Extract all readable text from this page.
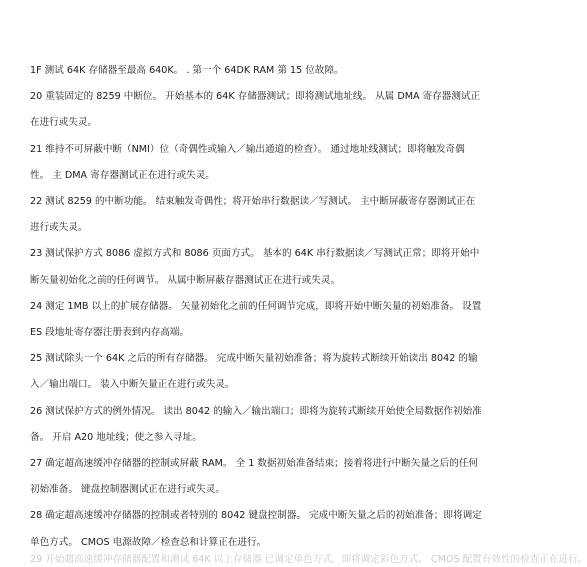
1F 测试 64K 存储器至最高 640K。 . 第一个 64DK RAM 第 15 位故障。

20 重装固定的 8259 中断位。 开始基本的 64K 存储器测试；即将测试地址线。 从属 DMA 寄存器测试正在进行或失灵。

21 维持不可屏蔽中断（NMI）位（奇偶性或输入／输出通道的检查）。 通过地址线测试；即将触发奇偶性。 主 DMA 寄存器测试正在进行或失灵。

22 测试 8259 的中断功能。 结束触发奇偶性；将开始串行数据读／写测试。 主中断屏蔽寄存器测试正在进行或失灵。

23 测试保护方式 8086 虚拟方式和 8086 页面方式。 基本的 64K 串行数据读／写测试正常；即将开始中断矢量初始化之前的任何调节。 从属中断屏蔽存器测试正在进行或失灵。

24 测定 1MB 以上的扩展存储器。 矢量初始化之前的任何调节完成，即将开始中断矢量的初始准备。 设置 ES 段地址寄存器注册表到内存高端。

25 测试除头一个 64K 之后的所有存储器。 完成中断矢量初始准备；将为旋转式断续开始读出 8042 的输入／输出端口。 装入中断矢量正在进行或失灵。

26 测试保护方式的例外情况。 读出 8042 的输入／输出端口；即将为旋转式断续开始使全局数据作初始准备。 开启 A20 地址线；使之参入寻址。

27 确定超高速缓冲存储器的控制或屏蔽 RAM。 全 1 数据初始准备结束；接着将进行中断矢量之后的任何初始准备。 键盘控制器测试正在进行或失灵。

28 确定超高速缓冲存储器的控制或者特别的 8042 键盘控制器。 完成中断矢量之后的初始准备；即将调定单色方式。 CMOS 电源故障／检查总和计算正在进行。

29 开始超高速缓冲存储器配置和测试 64K 以上存储器 已调定单色方式，即将调定彩色方式。 CMOS 配置有效性的检查正在进行。
